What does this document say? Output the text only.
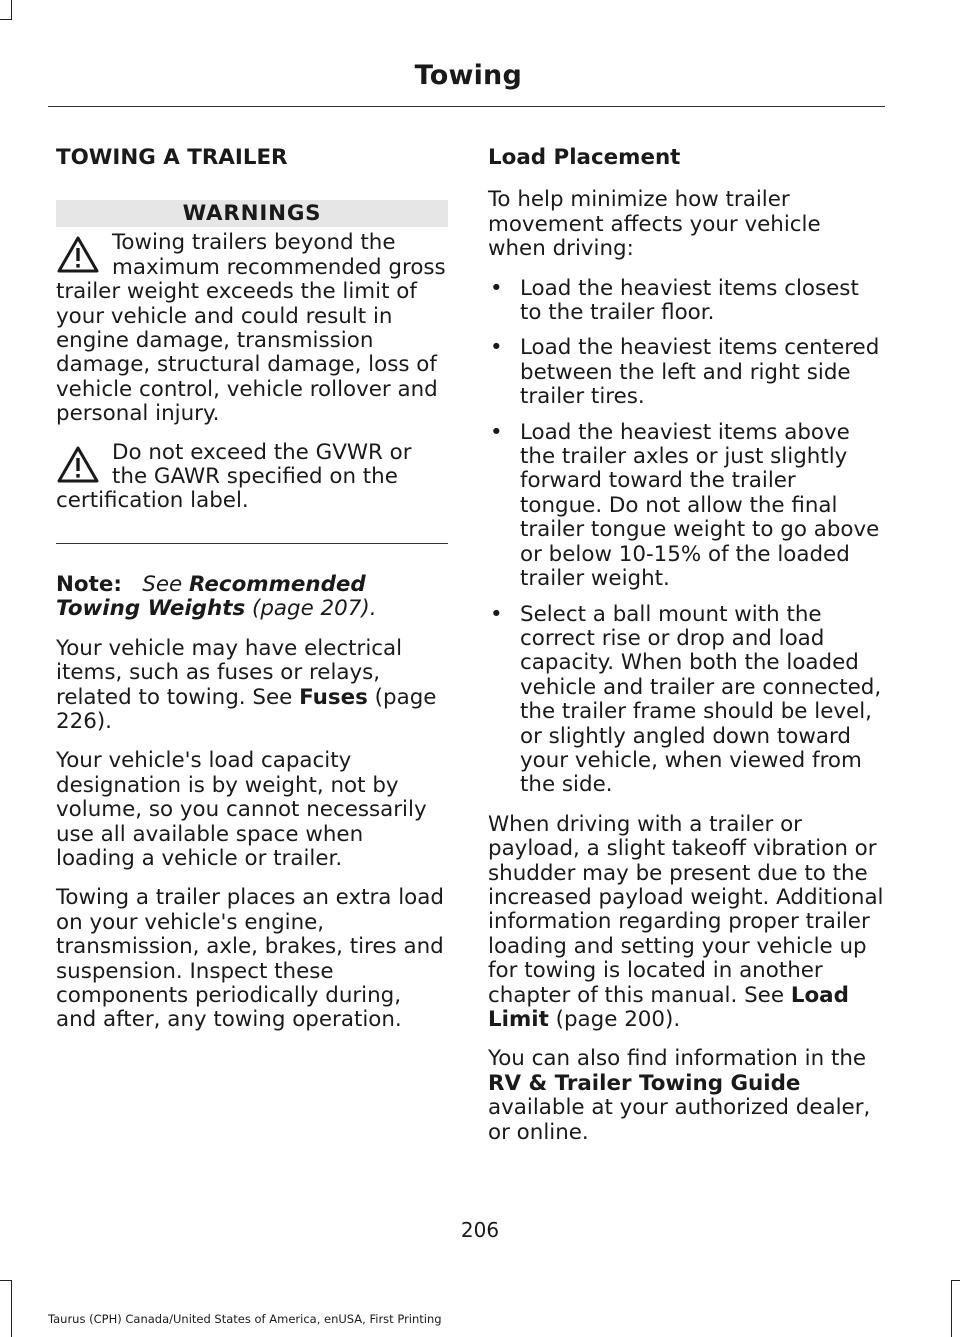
Towing
TOWING A TRAILER
WARNINGS
Towing trailers beyond the maximum recommended gross trailer weight exceeds the limit of your vehicle and could result in engine damage, transmission damage, structural damage, loss of vehicle control, vehicle rollover and personal injury.
Do not exceed the GVWR or the GAWR specified on the certification label.

Note: See Recommended Towing Weights (page 207).

Your vehicle may have electrical items, such as fuses or relays, related to towing. See Fuses (page 226).

Your vehicle's load capacity designation is by weight, not by volume, so you cannot necessarily use all available space when loading a vehicle or trailer.

Towing a trailer places an extra load on your vehicle's engine, transmission, axle, brakes, tires and suspension. Inspect these components periodically during, and after, any towing operation.

Load Placement

To help minimize how trailer movement affects your vehicle when driving:

• Load the heaviest items closest to the trailer floor.
• Load the heaviest items centered between the left and right side trailer tires.
• Load the heaviest items above the trailer axles or just slightly forward toward the trailer tongue. Do not allow the final trailer tongue weight to go above or below 10-15% of the loaded trailer weight.
• Select a ball mount with the correct rise or drop and load capacity. When both the loaded vehicle and trailer are connected, the trailer frame should be level, or slightly angled down toward your vehicle, when viewed from the side.

When driving with a trailer or payload, a slight takeoff vibration or shudder may be present due to the increased payload weight. Additional information regarding proper trailer loading and setting your vehicle up for towing is located in another chapter of this manual. See Load Limit (page 200).

You can also find information in the RV & Trailer Towing Guide available at your authorized dealer, or online.

206
Taurus (CPH) Canada/United States of America, enUSA, First Printing
